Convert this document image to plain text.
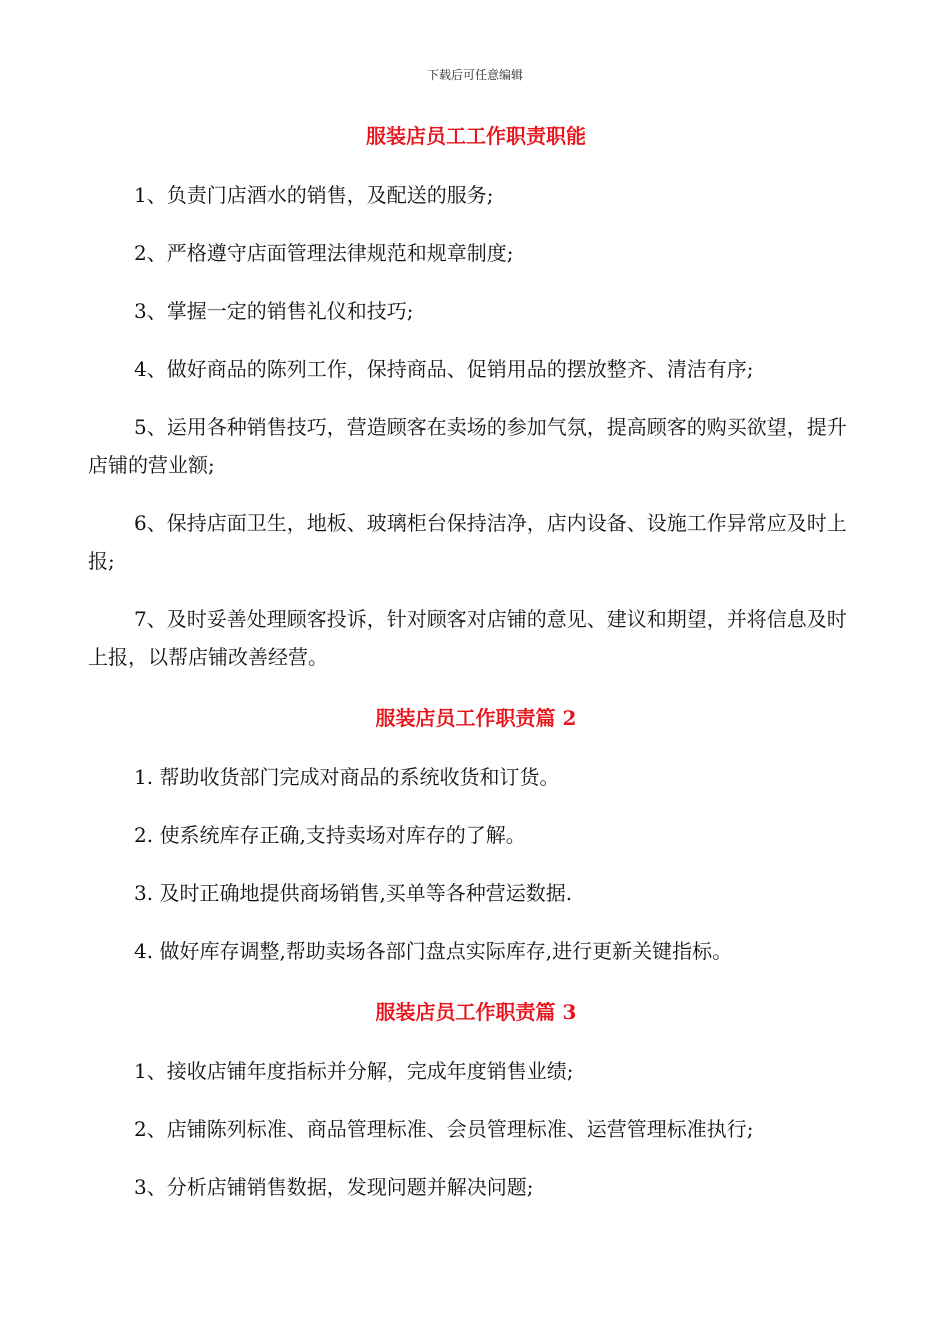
下载后可任意编辑
服装店员工工作职责职能

1、负责门店酒水的销售，及配送的服务;

2、严格遵守店面管理法律规范和规章制度;

3、掌握一定的销售礼仪和技巧;

4、做好商品的陈列工作，保持商品、促销用品的摆放整齐、清洁有序;

5、运用各种销售技巧，营造顾客在卖场的参加气氛，提高顾客的购买欲望，提升店铺的营业额;

6、保持店面卫生，地板、玻璃柜台保持洁净，店内设备、设施工作异常应及时上报;

7、及时妥善处理顾客投诉，针对顾客对店铺的意见、建议和期望，并将信息及时上报，以帮店铺改善经营。

服装店员工作职责篇 2

1. 帮助收货部门完成对商品的系统收货和订货。

2. 使系统库存正确,支持卖场对库存的了解。

3. 及时正确地提供商场销售,买单等各种营运数据.

4. 做好库存调整,帮助卖场各部门盘点实际库存,进行更新关键指标。

服装店员工作职责篇 3

1、接收店铺年度指标并分解，完成年度销售业绩;

2、店铺陈列标准、商品管理标准、会员管理标准、运营管理标准执行;

3、分析店铺销售数据，发现问题并解决问题;
